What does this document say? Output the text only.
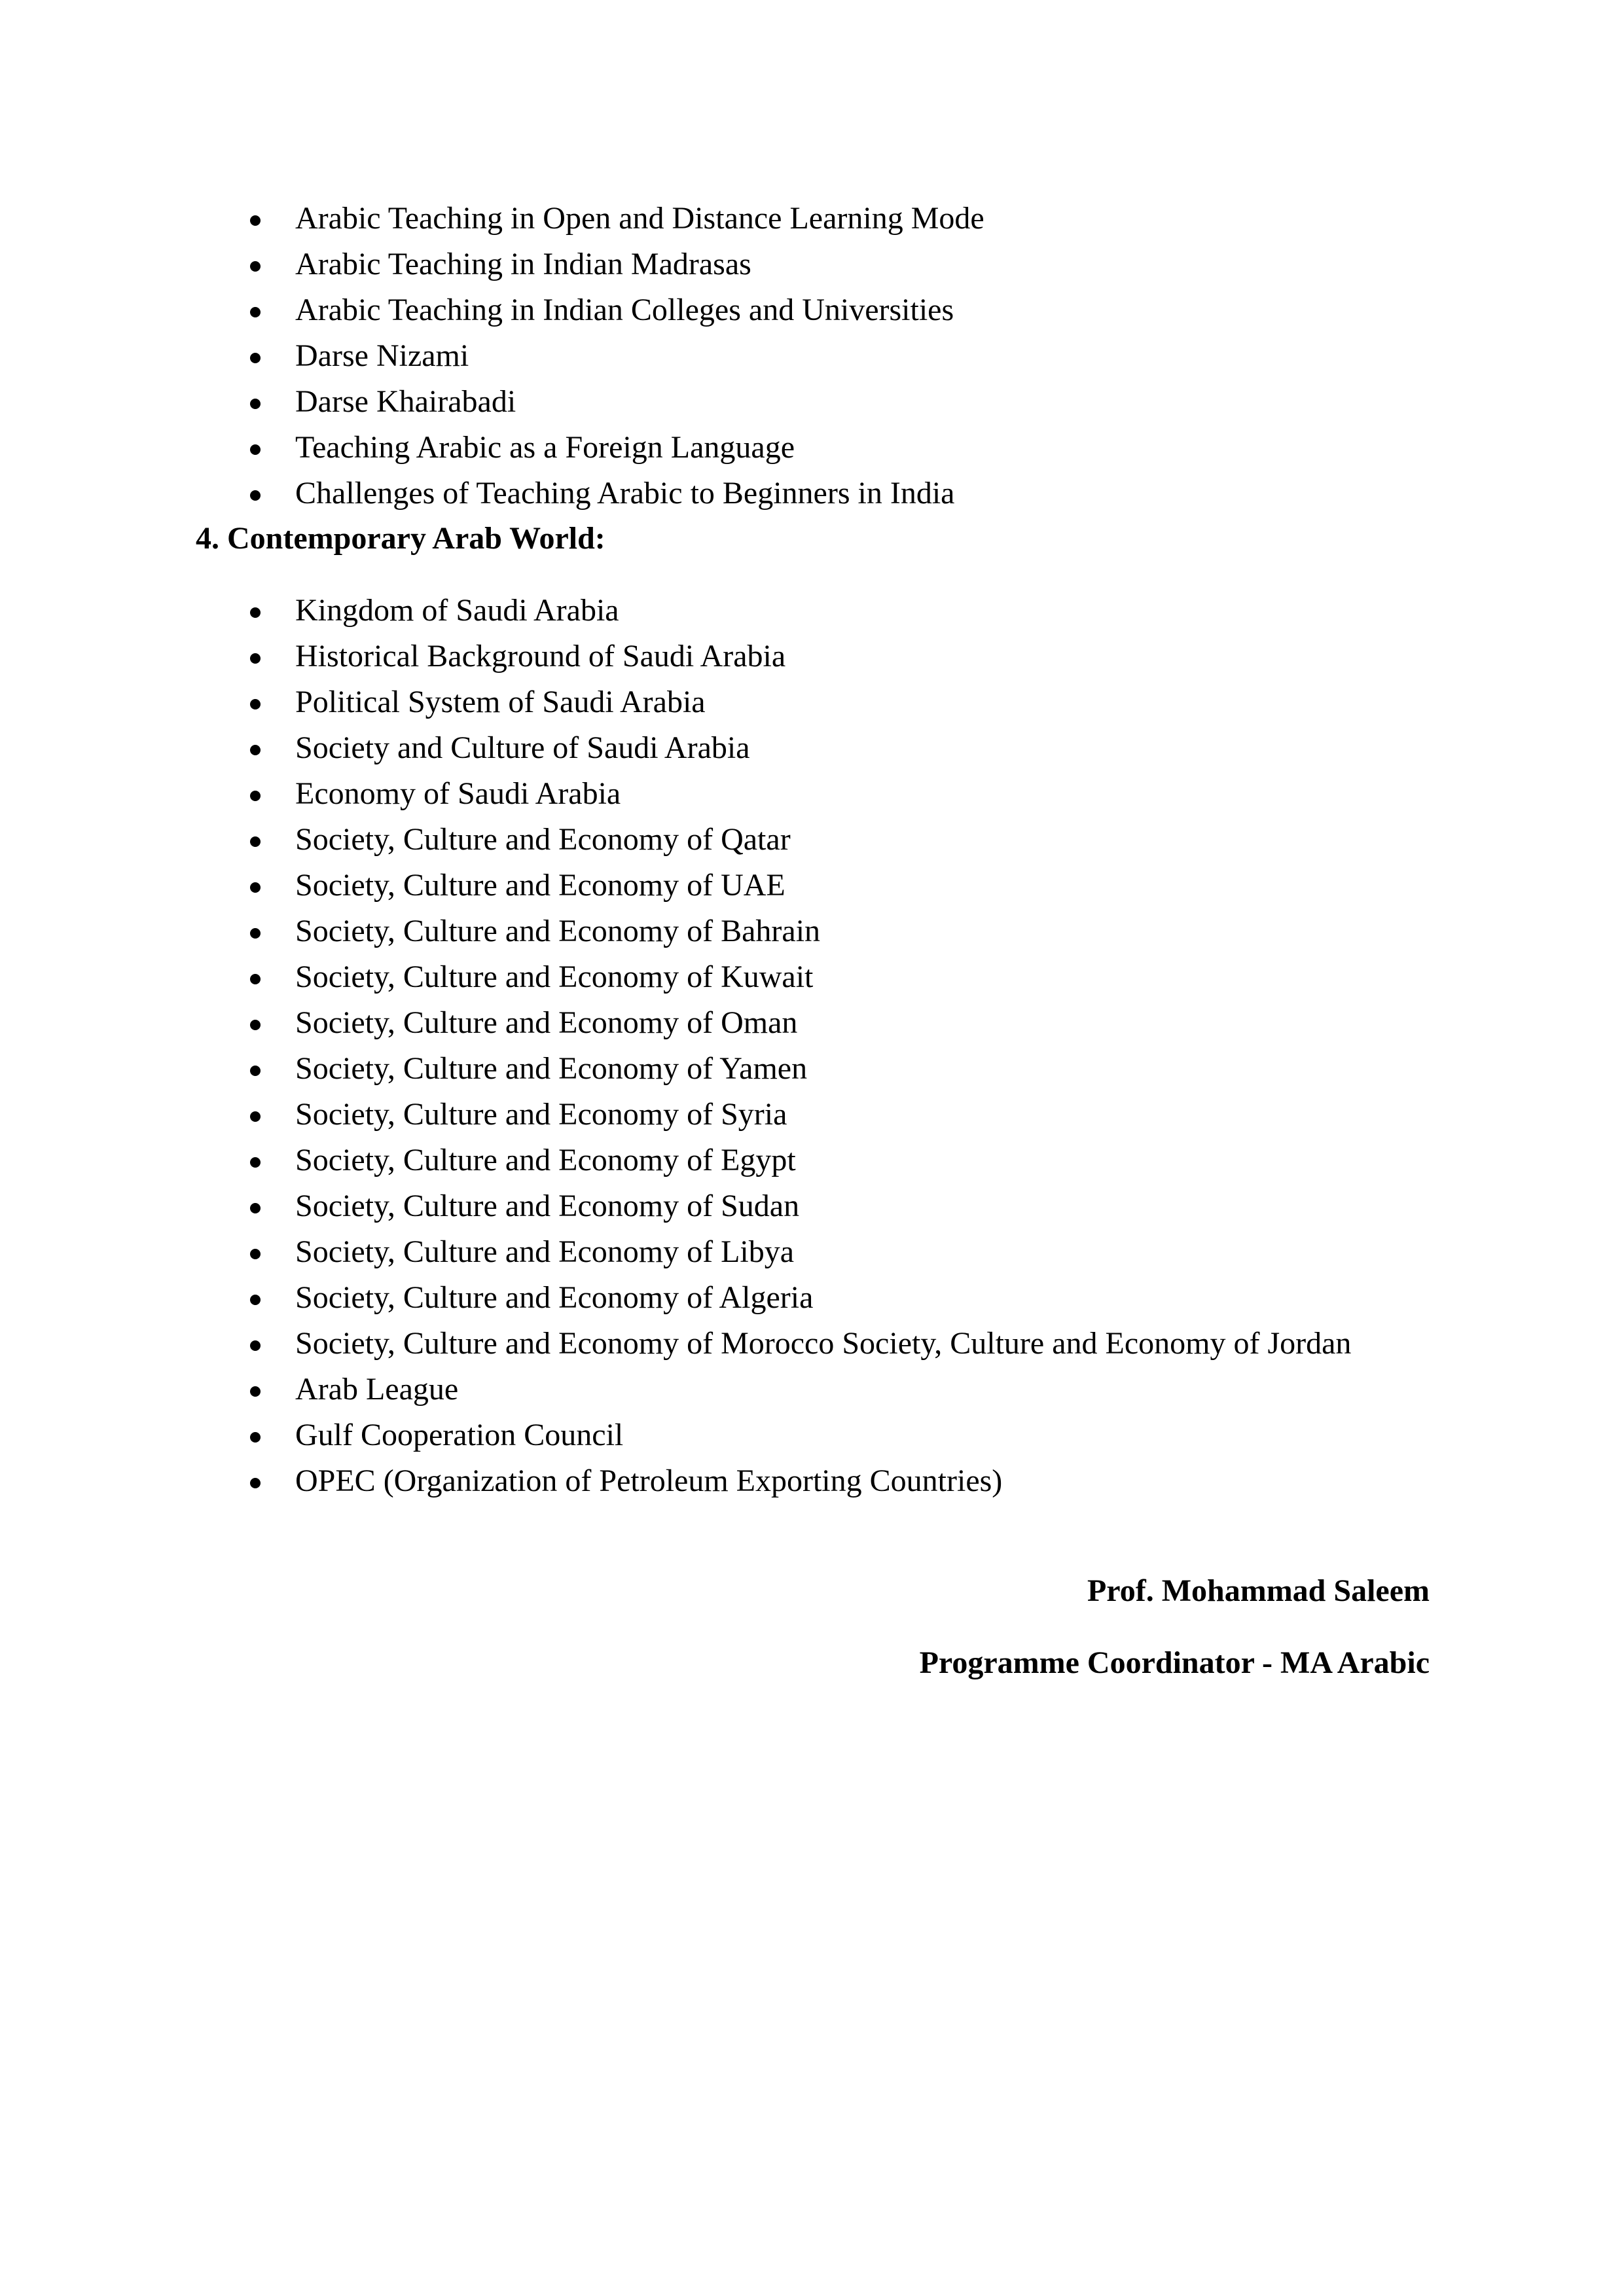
Arabic Teaching in Open and Distance Learning Mode
Arabic Teaching in Indian Madrasas
Arabic Teaching in Indian Colleges and Universities
Darse Nizami
Darse Khairabadi
Teaching Arabic as a Foreign Language
Challenges of Teaching Arabic to Beginners in India
4. Contemporary Arab World:
Kingdom of Saudi Arabia
Historical Background of Saudi Arabia
Political System of Saudi Arabia
Society and Culture of Saudi Arabia
Economy of Saudi Arabia
Society, Culture and Economy of Qatar
Society, Culture and Economy of UAE
Society, Culture and Economy of Bahrain
Society, Culture and Economy of Kuwait
Society, Culture and Economy of Oman
Society, Culture and Economy of Yamen
Society, Culture and Economy of Syria
Society, Culture and Economy of Egypt
Society, Culture and Economy of Sudan
Society, Culture and Economy of Libya
Society, Culture and Economy of Algeria
Society, Culture and Economy of Morocco Society, Culture and Economy of Jordan
Arab League
Gulf Cooperation Council
OPEC (Organization of Petroleum Exporting Countries)
Prof. Mohammad Saleem
Programme Coordinator - MA Arabic
